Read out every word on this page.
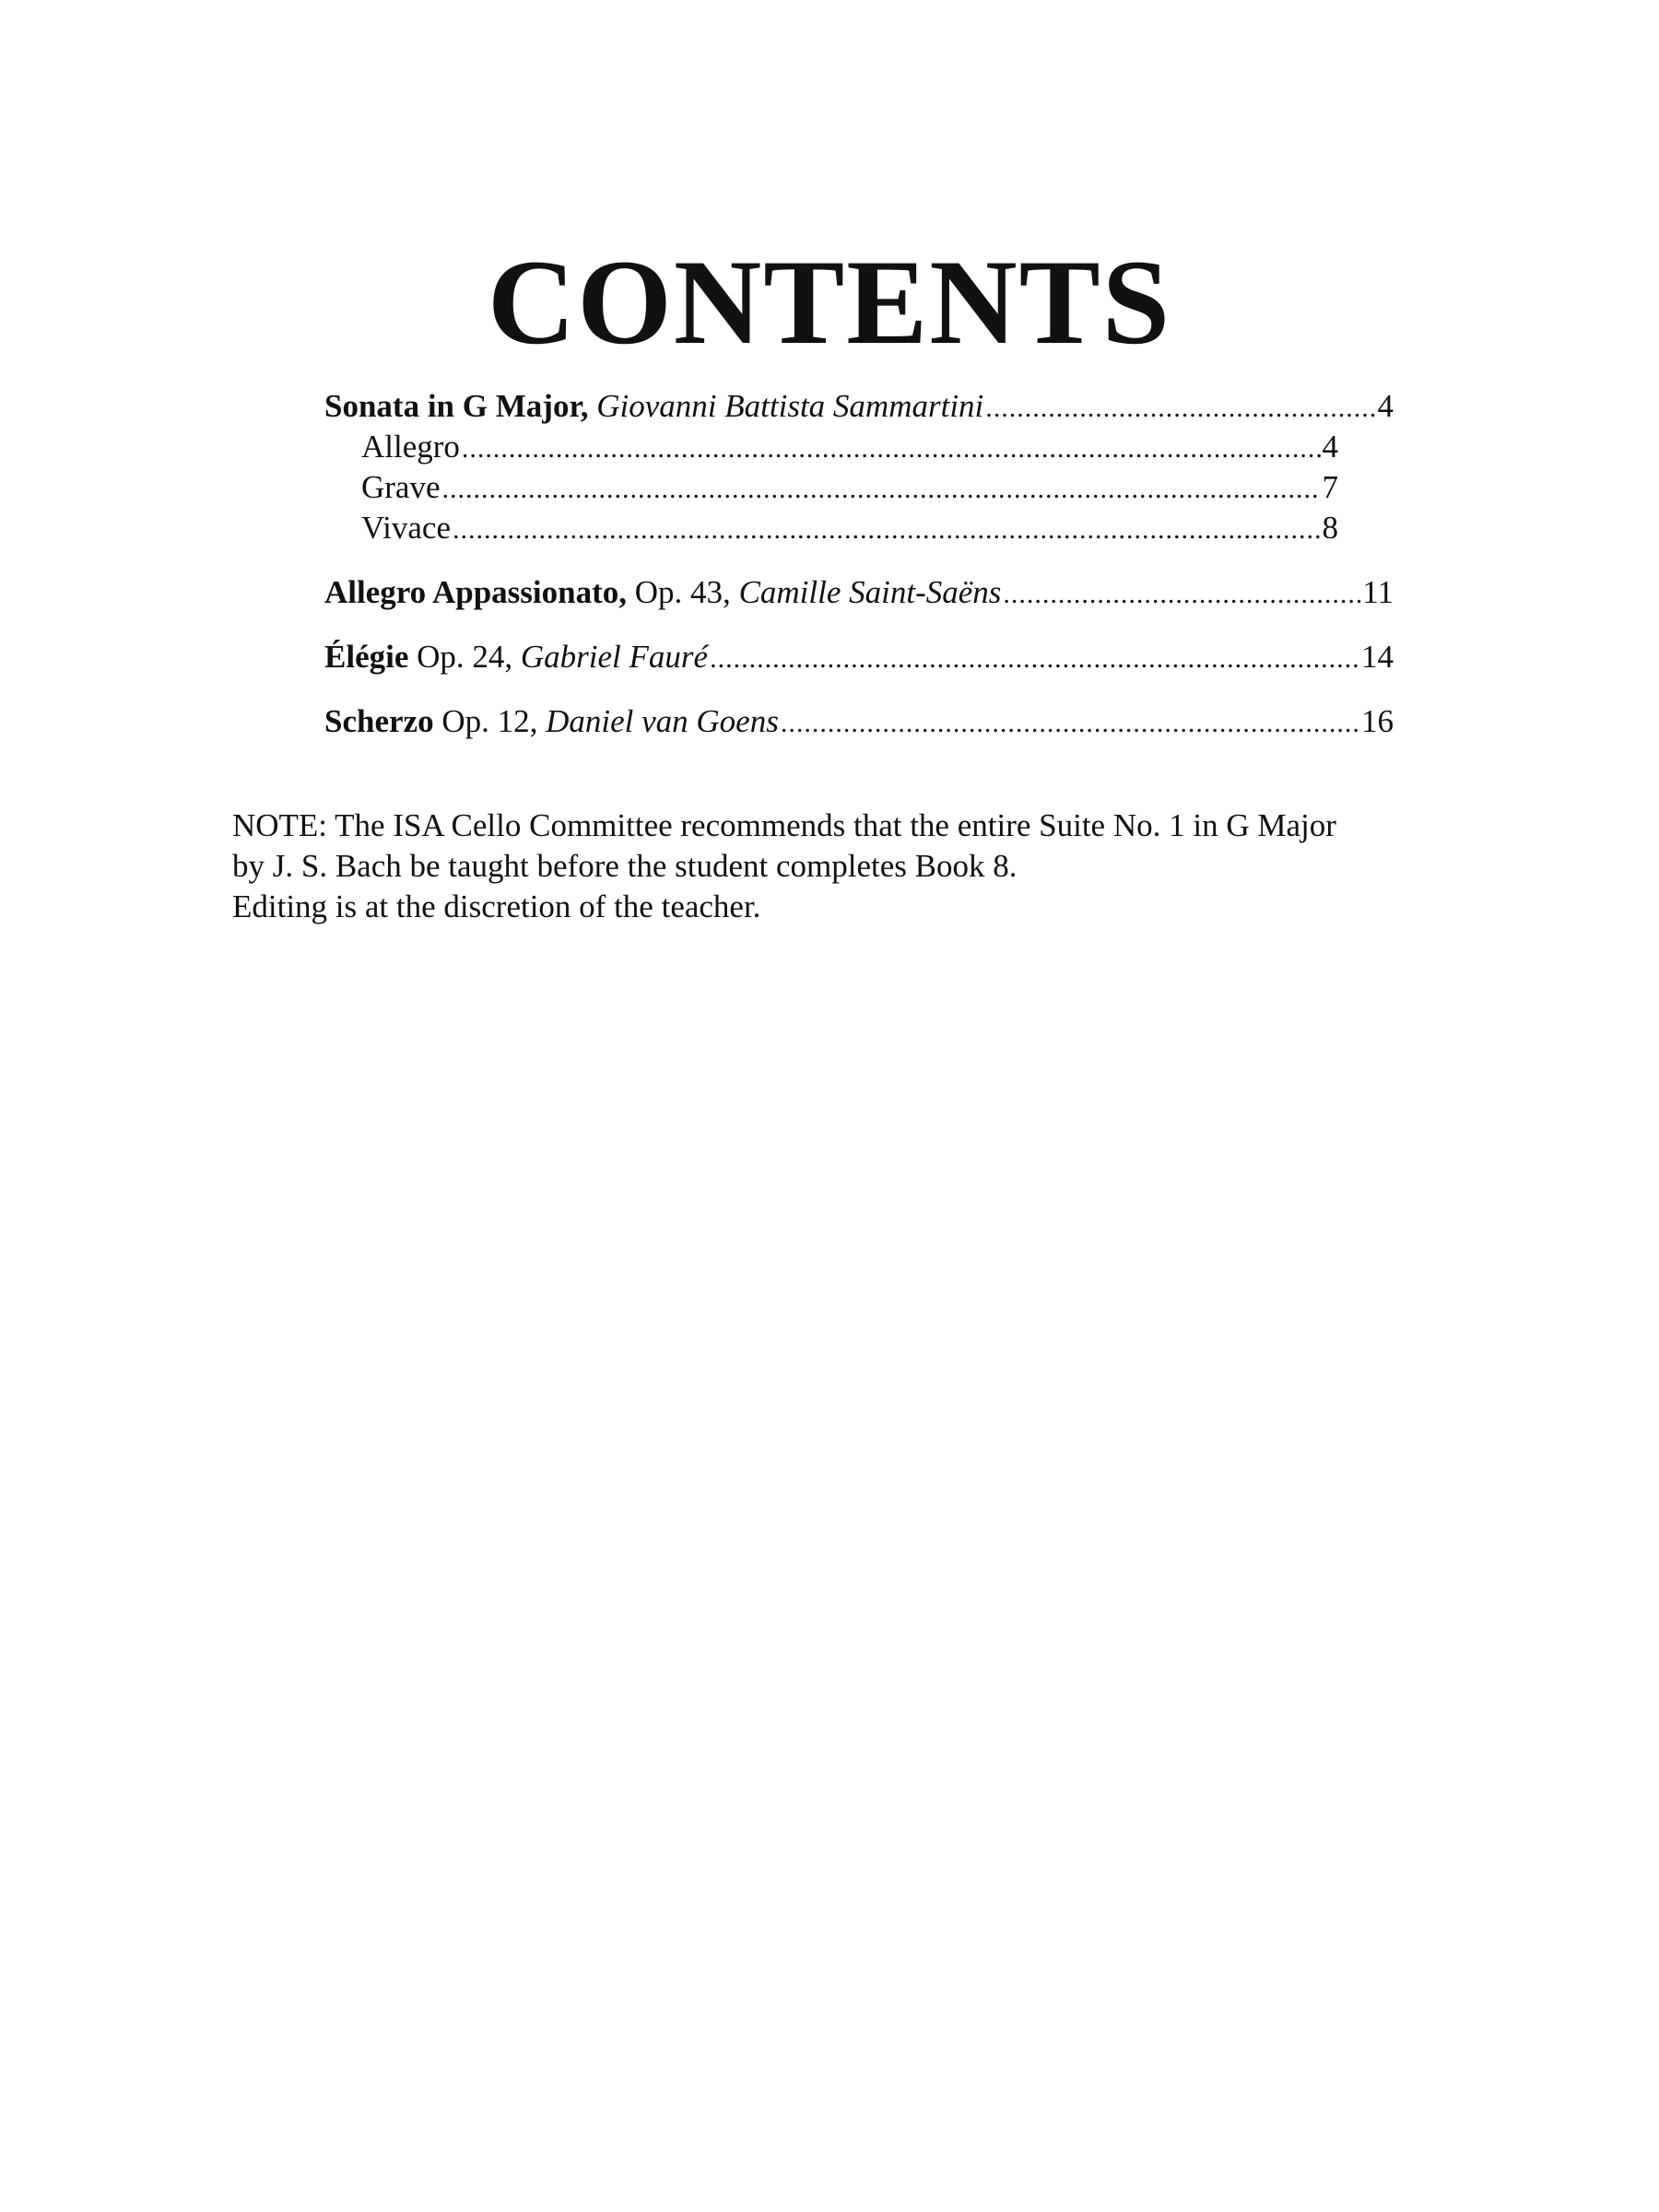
CONTENTS
Sonata in G Major, Giovanni Battista Sammartini .....	4
Allegro .....	4
Grave .....	7
Vivace .....	8
Allegro Appassionato, Op. 43, Camille Saint-Saëns .....	11
Élégie Op. 24, Gabriel Fauré .....	14
Scherzo Op. 12, Daniel van Goens .....	16

NOTE: The ISA Cello Committee recommends that the entire Suite No. 1 in G Major

by J. S. Bach be taught before the student completes Book 8.

Editing is at the discretion of the teacher.
